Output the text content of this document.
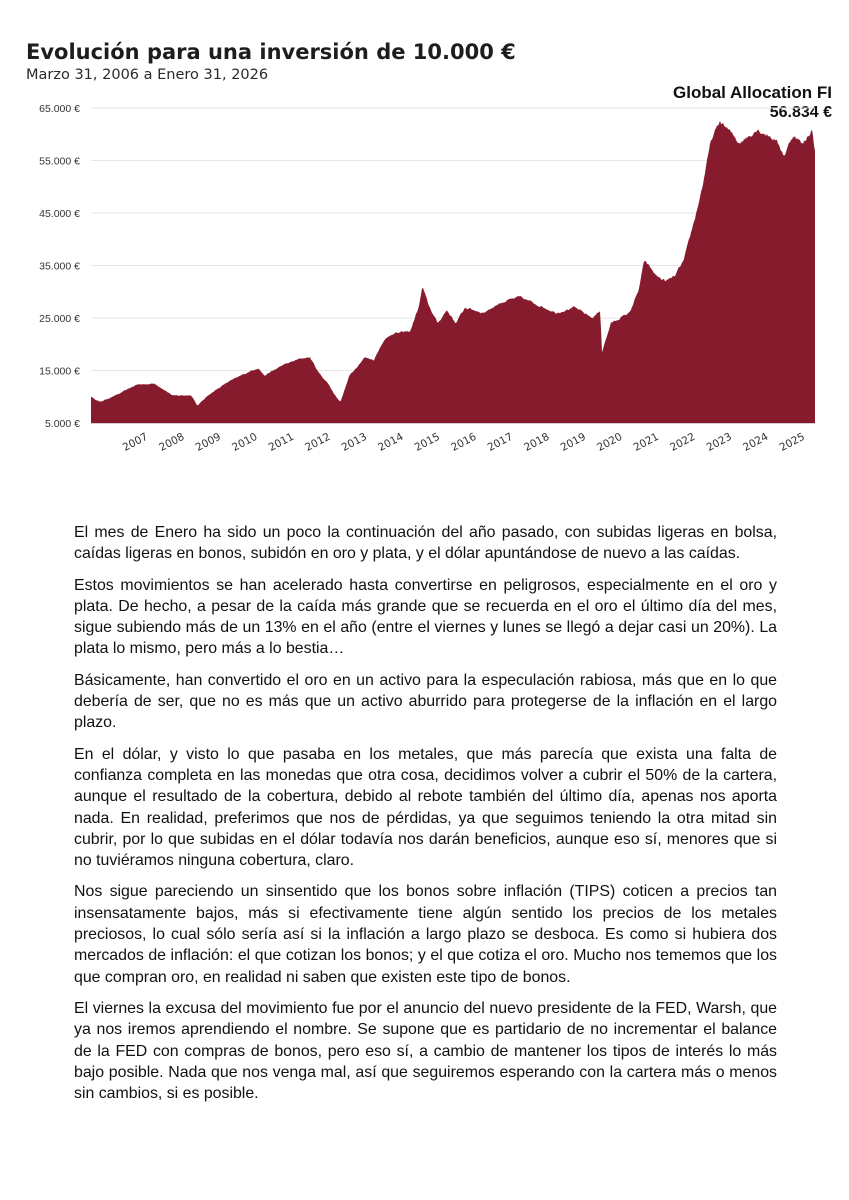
Evolución para una inversión de 10.000 €

Marzo 31, 2006 a Enero 31, 2026

Global Allocation FI
56.834 €
5.000 €
15.000 €
25.000 €
35.000 €
45.000 €
55.000 €
65.000 €
2007 2008 2009 2010 2011 2012 2013 2014 2015 2016 2017 2018 2019 2020 2021 2022 2023 2024 2025

El mes de Enero ha sido un poco la continuación del año pasado, con subidas ligeras en bolsa, caídas ligeras en bonos, subidón en oro y plata, y el dólar apuntándose de nuevo a las caídas.

Estos movimientos se han acelerado hasta convertirse en peligrosos, especialmente en el oro y plata. De hecho, a pesar de la caída más grande que se recuerda en el oro el último día del mes, sigue subiendo más de un 13% en el año (entre el viernes y lunes se llegó a dejar casi un 20%). La plata lo mismo, pero más a lo bestia…

Básicamente, han convertido el oro en un activo para la especulación rabiosa, más que en lo que debería de ser, que no es más que un activo aburrido para protegerse de la inflación en el largo plazo.

En el dólar, y visto lo que pasaba en los metales, que más parecía que exista una falta de confianza completa en las monedas que otra cosa, decidimos volver a cubrir el 50% de la cartera, aunque el resultado de la cobertura, debido al rebote también del último día, apenas nos aporta nada. En realidad, preferimos que nos de pérdidas, ya que seguimos teniendo la otra mitad sin cubrir, por lo que subidas en el dólar todavía nos darán beneficios, aunque eso sí, menores que si no tuviéramos ninguna cobertura, claro.

Nos sigue pareciendo un sinsentido que los bonos sobre inflación (TIPS) coticen a precios tan insensatamente bajos, más si efectivamente tiene algún sentido los precios de los metales preciosos, lo cual sólo sería así si la inflación a largo plazo se desboca. Es como si hubiera dos mercados de inflación: el que cotizan los bonos; y el que cotiza el oro. Mucho nos tememos que los que compran oro, en realidad ni saben que existen este tipo de bonos.

El viernes la excusa del movimiento fue por el anuncio del nuevo presidente de la FED, Warsh, que ya nos iremos aprendiendo el nombre. Se supone que es partidario de no incrementar el balance de la FED con compras de bonos, pero eso sí, a cambio de mantener los tipos de interés lo más bajo posible. Nada que nos venga mal, así que seguiremos esperando con la cartera más o menos sin cambios, si es posible.
